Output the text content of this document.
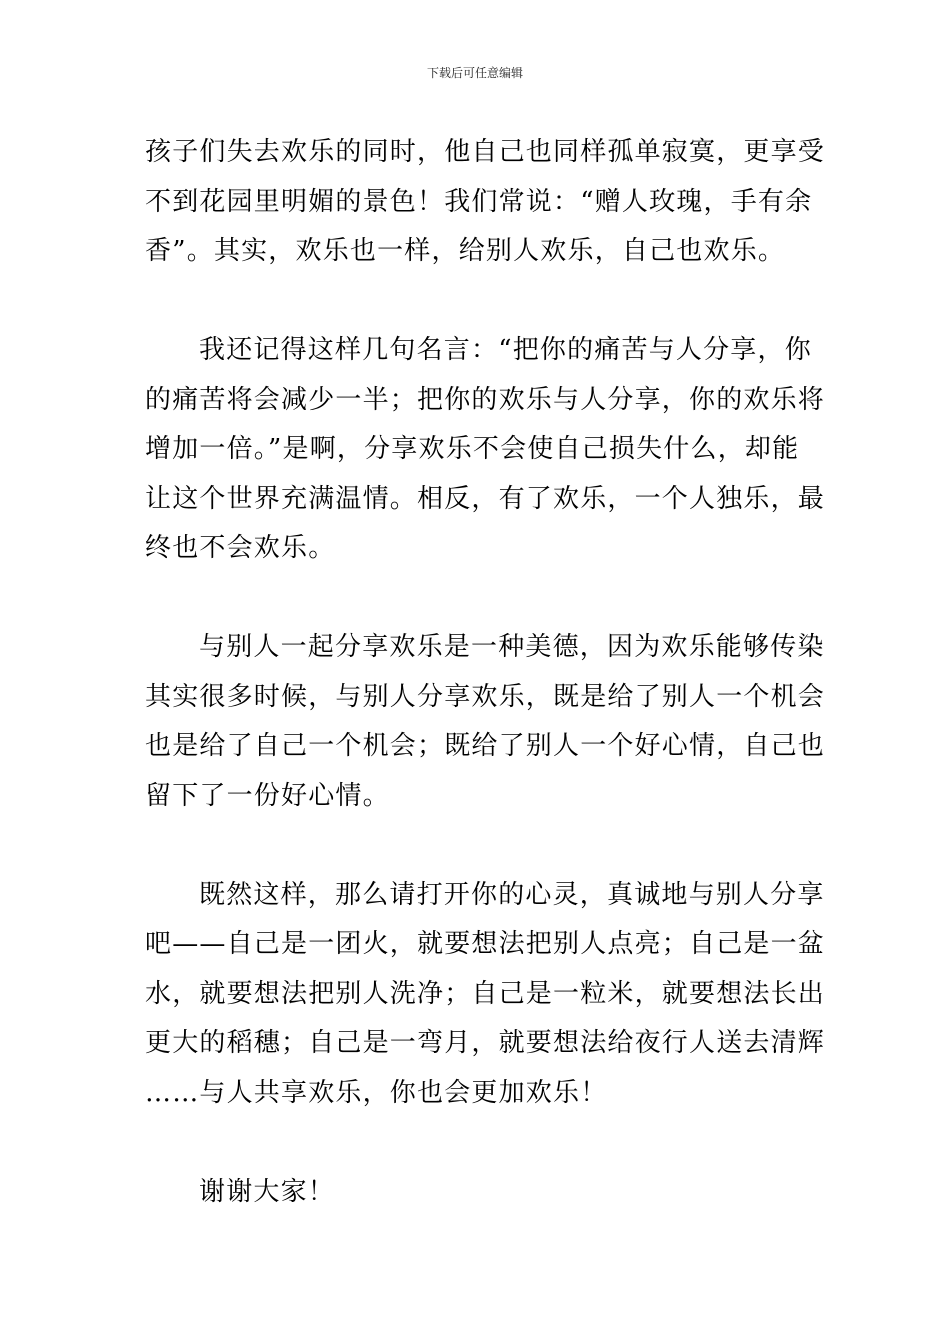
下载后可任意编辑

孩子们失去欢乐的同时，他自己也同样孤单寂寞，更享受
不到花园里明媚的景色！我们常说：“赠人玫瑰，手有余
香”。其实，欢乐也一样，给别人欢乐，自己也欢乐。

我还记得这样几句名言：“把你的痛苦与人分享，你
的痛苦将会减少一半；把你的欢乐与人分享，你的欢乐将
增加一倍。”是啊，分享欢乐不会使自己损失什么，却能
让这个世界充满温情。相反，有了欢乐，一个人独乐，最
终也不会欢乐。

与别人一起分享欢乐是一种美德，因为欢乐能够传染
其实很多时候，与别人分享欢乐，既是给了别人一个机会
也是给了自己一个机会；既给了别人一个好心情，自己也
留下了一份好心情。

既然这样，那么请打开你的心灵，真诚地与别人分享
吧——自己是一团火，就要想法把别人点亮；自己是一盆
水，就要想法把别人洗净；自己是一粒米，就要想法长出
更大的稻穗；自己是一弯月，就要想法给夜行人送去清辉
……与人共享欢乐，你也会更加欢乐！

谢谢大家！
